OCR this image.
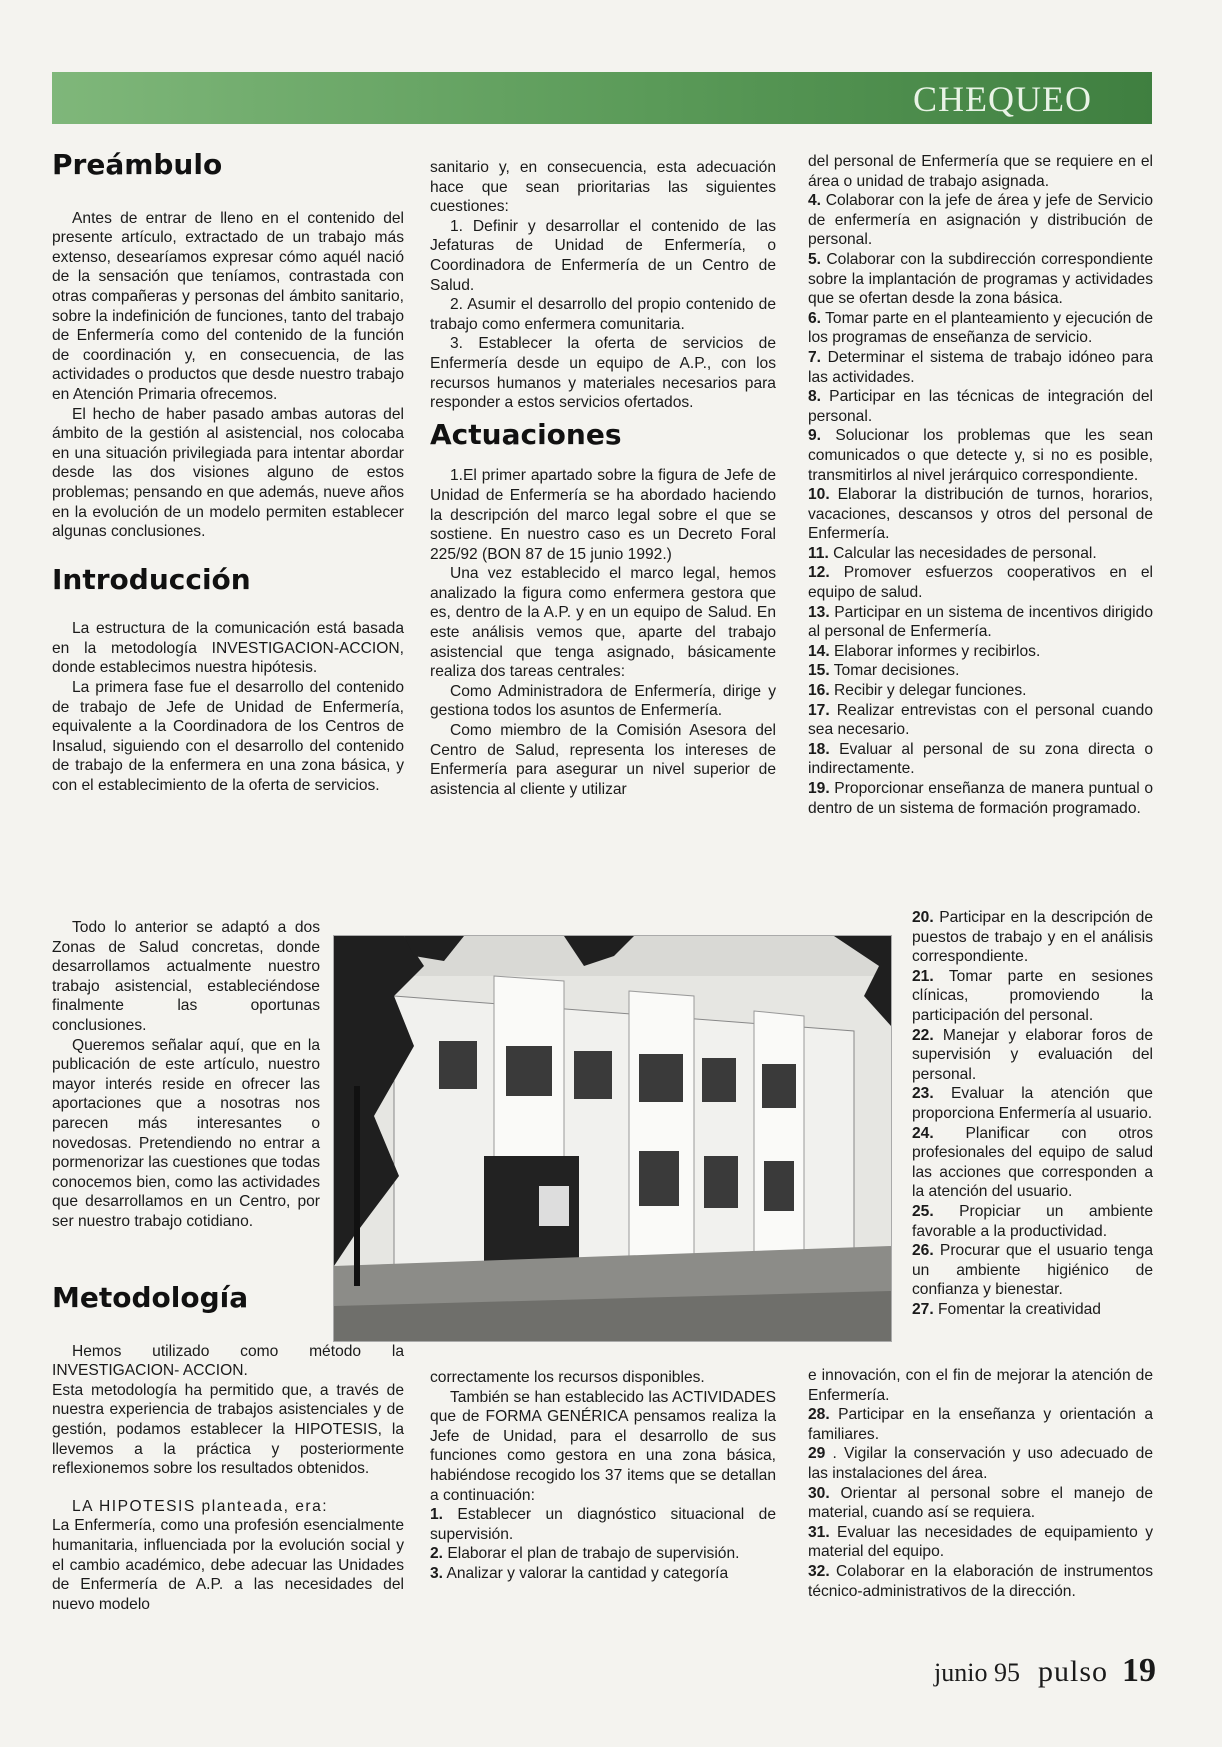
CHEQUEO
Preámbulo

Antes de entrar de lleno en el contenido del presente artículo, extractado de un trabajo más extenso, desearíamos expresar cómo aquél nació de la sensación que teníamos, contrastada con otras compañeras y personas del ámbito sanitario, sobre la indefinición de funciones, tanto del trabajo de Enfermería como del contenido de la función de coordinación y, en consecuencia, de las actividades o productos que desde nuestro trabajo en Atención Primaria ofrecemos.

El hecho de haber pasado ambas autoras del ámbito de la gestión al asistencial, nos colocaba en una situación privilegiada para intentar abordar desde las dos visiones alguno de estos problemas; pensando en que además, nueve años en la evolución de un modelo permiten establecer algunas conclusiones.

Introducción

La estructura de la comunicación está basada en la metodología INVESTIGACION-ACCION, donde establecimos nuestra hipótesis.

La primera fase fue el desarrollo del contenido de trabajo de Jefe de Unidad de Enfermería, equivalente a la Coordinadora de los Centros de Insalud, siguiendo con el desarrollo del contenido de trabajo de la enfermera en una zona básica, y con el establecimiento de la oferta de servicios.

Todo lo anterior se adaptó a dos Zonas de Salud concretas, donde desarrollamos actualmente nuestro trabajo asistencial, estableciéndose finalmente las oportunas conclusiones.

Queremos señalar aquí, que en la publicación de este artículo, nuestro mayor interés reside en ofrecer las aportaciones que a nosotras nos parecen más interesantes o novedosas. Pretendiendo no entrar a pormenorizar las cuestiones que todas conocemos bien, como las actividades que desarrollamos en un Centro, por ser nuestro trabajo cotidiano.

Metodología

Hemos utilizado como método la INVESTIGACION- ACCION.

Esta metodología ha permitido que, a través de nuestra experiencia de trabajos asistenciales y de gestión, podamos establecer la HIPOTESIS, la llevemos a la práctica y posteriormente reflexionemos sobre los resultados obtenidos.

LA HIPOTESIS planteada, era:

La Enfermería, como una profesión esencialmente humanitaria, influenciada por la evolución social y el cambio académico, debe adecuar las Unidades de Enfermería de A.P. a las necesidades del nuevo modelo

sanitario y, en consecuencia, esta adecuación hace que sean prioritarias las siguientes cuestiones:

1. Definir y desarrollar el contenido de las Jefaturas de Unidad de Enfermería, o Coordinadora de Enfermería de un Centro de Salud.

2. Asumir el desarrollo del propio contenido de trabajo como enfermera comunitaria.

3. Establecer la oferta de servicios de Enfermería desde un equipo de A.P., con los recursos humanos y materiales necesarios para responder a estos servicios ofertados.

Actuaciones

1.El primer apartado sobre la figura de Jefe de Unidad de Enfermería se ha abordado haciendo la descripción del marco legal sobre el que se sostiene. En nuestro caso es un Decreto Foral 225/92 (BON 87 de 15 junio 1992.)

Una vez establecido el marco legal, hemos analizado la figura como enfermera gestora que es, dentro de la A.P. y en un equipo de Salud. En este análisis vemos que, aparte del trabajo asistencial que tenga asignado, básicamente realiza dos tareas centrales:

Como Administradora de Enfermería, dirige y gestiona todos los asuntos de Enfermería.

Como miembro de la Comisión Asesora del Centro de Salud, representa los intereses de Enfermería para asegurar un nivel superior de asistencia al cliente y utilizar

correctamente los recursos disponibles.

También se han establecido las ACTIVIDADES que de FORMA GENÉRICA pensamos realiza la Jefe de Unidad, para el desarrollo de sus funciones como gestora en una zona básica, habiéndose recogido los 37 items que se detallan a continuación:

1. Establecer un diagnóstico situacional de supervisión.

2. Elaborar el plan de trabajo de supervisión.

3. Analizar y valorar la cantidad y categoría

del personal de Enfermería que se requiere en el área o unidad de trabajo asignada.

4. Colaborar con la jefe de área y jefe de Servicio de enfermería en asignación y distribución de personal.

5. Colaborar con la subdirección correspondiente sobre la implantación de programas y actividades que se ofertan desde la zona básica.

6. Tomar parte en el planteamiento y ejecución de los programas de enseñanza de servicio.

7. Determinar el sistema de trabajo idóneo para las actividades.

8. Participar en las técnicas de integración del personal.

9. Solucionar los problemas que les sean comunicados o que detecte y, si no es posible, transmitirlos al nivel jerárquico correspondiente.

10. Elaborar la distribución de turnos, horarios, vacaciones, descansos y otros del personal de Enfermería.

11. Calcular las necesidades de personal.

12. Promover esfuerzos cooperativos en el equipo de salud.

13. Participar en un sistema de incentivos dirigido al personal de Enfermería.

14. Elaborar informes y recibirlos.

15. Tomar decisiones.

16. Recibir y delegar funciones.

17. Realizar entrevistas con el personal cuando sea necesario.

18. Evaluar al personal de su zona directa o indirectamente.

19. Proporcionar enseñanza de manera puntual o dentro de un sistema de formación programado.

20. Participar en la descripción de puestos de trabajo y en el análisis correspondiente.

21. Tomar parte en sesiones clínicas, promoviendo la participación del personal.

22. Manejar y elaborar foros de supervisión y evaluación del personal.

23. Evaluar la atención que proporciona Enfermería al usuario.

24. Planificar con otros profesionales del equipo de salud las acciones que corresponden a la atención del usuario.

25. Propiciar un ambiente favorable a la productividad.

26. Procurar que el usuario tenga un ambiente higiénico de confianza y bienestar.

27. Fomentar la creatividad

e innovación, con el fin de mejorar la atención de Enfermería.

28. Participar en la enseñanza y orientación a familiares.

29 . Vigilar la conservación y uso adecuado de las instalaciones del área.

30. Orientar al personal sobre el manejo de material, cuando así se requiera.

31. Evaluar las necesidades de equipamiento y material del equipo.

32. Colaborar en la elaboración de instrumentos técnico-administrativos de la dirección.

junio 95 pulso 19
